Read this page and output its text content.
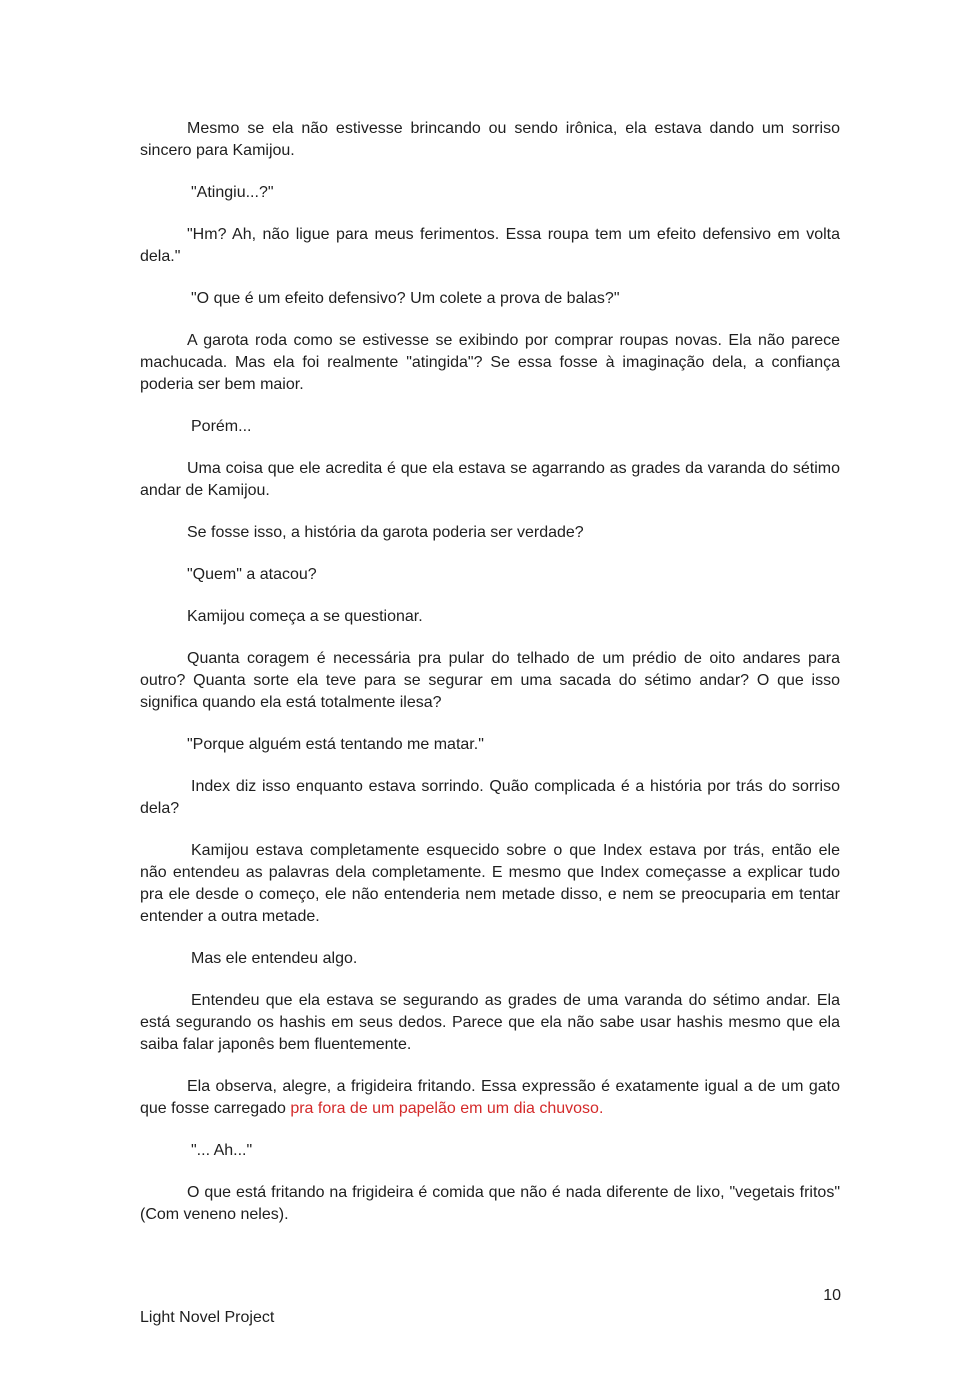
Mesmo se ela não estivesse brincando ou sendo irônica, ela estava dando um sorriso sincero para Kamijou.

"Atingiu...?"

"Hm? Ah, não ligue para meus ferimentos. Essa roupa tem um efeito defensivo em volta dela."

"O que é um efeito defensivo? Um colete a prova de balas?"

A garota roda como se estivesse se exibindo por comprar roupas novas. Ela não parece machucada. Mas ela foi realmente "atingida"? Se essa fosse à imaginação dela, a confiança poderia ser bem maior.

Porém...

Uma coisa que ele acredita é que ela estava se agarrando as grades da varanda do sétimo andar de Kamijou.

Se fosse isso, a história da garota poderia ser verdade?

"Quem" a atacou?

Kamijou começa a se questionar.

Quanta coragem é necessária pra pular do telhado de um prédio de oito andares para outro? Quanta sorte ela teve para se segurar em uma sacada do sétimo andar? O que isso significa quando ela está totalmente ilesa?

"Porque alguém está tentando me matar."

Index diz isso enquanto estava sorrindo. Quão complicada é a história por trás do sorriso dela?

Kamijou estava completamente esquecido sobre o que Index estava por trás, então ele não entendeu as palavras dela completamente. E mesmo que Index começasse a explicar tudo pra ele desde o começo, ele não entenderia nem metade disso, e nem se preocuparia em tentar entender a outra metade.

Mas ele entendeu algo.

Entendeu que ela estava se segurando as grades de uma varanda do sétimo andar. Ela está segurando os hashis em seus dedos. Parece que ela não sabe usar hashis mesmo que ela saiba falar japonês bem fluentemente.

Ela observa, alegre, a frigideira fritando. Essa expressão é exatamente igual a de um gato que fosse carregado pra fora de um papelão em um dia chuvoso.

"... Ah..."

O que está fritando na frigideira é comida que não é nada diferente de lixo, "vegetais fritos" (Com veneno neles).

10
Light Novel Project
